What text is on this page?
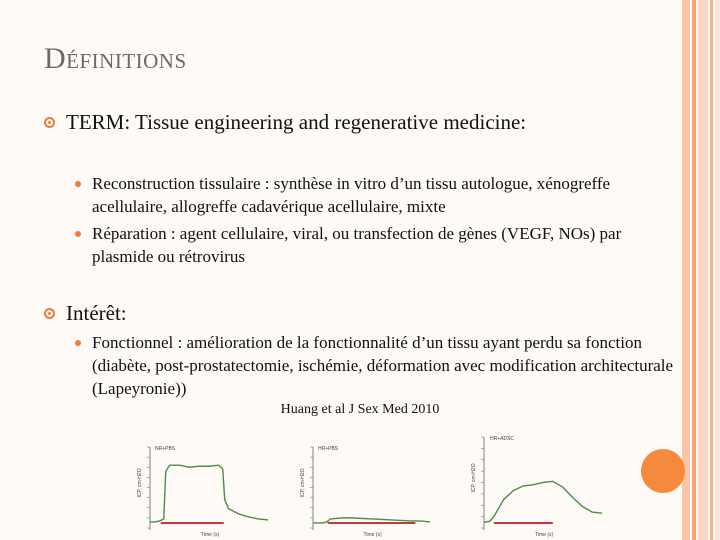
Définitions
TERM: Tissue engineering and regenerative medicine:
Reconstruction tissulaire : synthèse in vitro d’un tissu autologue, xénogreffe acellulaire, allogreffe cadavérique acellulaire, mixte
Réparation : agent cellulaire, viral, ou transfection de gènes (VEGF, NOs) par plasmide ou rétrovirus
Intérêt:
Fonctionnel : amélioration de la fonctionnalité d’un tissu ayant perdu sa fonction (diabète, post-prostatectomie, ischémie, déformation avec modification architecturale (Lapeyronie))
Huang et al J Sex Med 2010
NR+PBS
ICP, cm-H2O
Time (s)
HR+PBS
ICP, cm-H2O
Time (s)
HR+ADSC
ICP, cm-H2O
Time (s)
